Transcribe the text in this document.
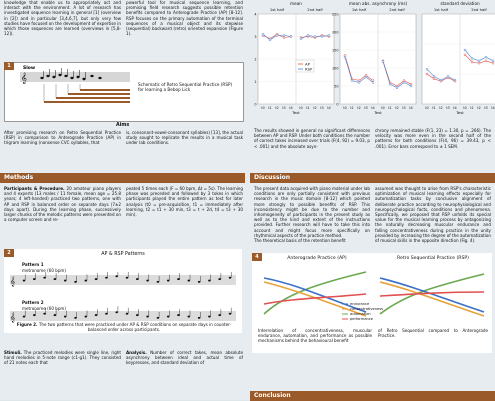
knowledge that enable us to appropriately act and interact with the environment. A lot of research has investigated sequence learning in general [1] (overview in [2]) and in particular [3,4,6,7], but only very few studies have focused on the development of expertise in which those sequences are learned (overviews in [5,8-12]).
powerful tool for musical sequence learning, and promising field research suggests possible retention benefits compared to Anterograde Practice (AP) [8-12]. RSP focuses on the primary automation of the terminal sequences of a musical object and its stepwise (sequential) backward (retro) oriented expansion (Figure 1).
1	Slow
𝄞
Schematic of Retro Sequential Practice (RSP) for learning a Bebop Lick
Aims
After promising research on Retro Sequential Practice (RSP) in comparison to Anterograde Practice (AP) in trigram learning (nonsense CVC syllables, that
is, consonant-vowel-consonant syllables) [13], the actual study sought to replicate the results in a musical task under lab conditions.
Methods
Participants & Procedure. 20 amateur piano players and 4 experts (13 males / 11 female, mean age = 25.8 years; 4 left-handed) practiced two patterns, one with AP and RSP in balanced order on separate days (7±2 days apart). During the learning phase, successively larger chunks of the melodic patterns were presented on a computer screen and re-
peated 5 times each (F = 60 bpm, Δt = 5s). The learning phase was preceded and followed by 3 tokes in which participants played the entire pattern as test for later analysis (t0 = pre-acquisition, t1 = immediately after learning, t2 = t1 + 30 min, t3 = t + 2d, t4 = t3 + 30 min).
2	AP & RSP Patterns
Pattern 1
metronome (60 bpm)
Pattern 2
metronome (60 bpm)
𝄞
𝄞
Figure 2. The two patterns that were practiced under AP & RSP conditions on separate days in counter-balanced order across participants.
Stimuli. The practiced melodies were single line, right hand melodies in 5-note range (c1-g1). They consisted of 21 notes each that
Analysis. Number of correct takes, mean absolute asynchrony between ideal and actual time of keypresses, and standard deviation of
mean
1st half	2nd half
0
1
2
3
4
t0 t1 t2 t3 t4 t0 t1 t2 t3 t4
Test
mean abs. asynchrony (ms)
1st half	2nd half
0
50
100
150
200
250
t0 t1 t2 t3 t4 t0 t1 t2 t3 t4
Test
standard deviation
1st half	2nd half
t0 t1 t2 t3 t4 t0 t1 t2 t3 t4
Test
AP
RSP
The results showed in general no significant differences between AP and RSP. Under both conditions the number of correct takes increased over trials (F(4, 92) = 9.03, p < .001) and the absolute asyn-
chrony remained stable (F(1, 23) = 1.30, p = .266). The velocity was more even in the second half of the patterns for both conditions (F(4, 96) = 39.43, p < .001). Error bars correspond to ± 1 SEM.
Discussion
The present data acquired with piano material under lab conditions are only partially consistent with previous research in the music domain [8-12] which pointed more strongly to possible benefits of RSP. This inconsistency might be due to the number and inhomogeneity of participants in the present study as well as to the kind and extent of the instructions provided. Further research will have to take this into account and might focus more specifically on rhythmical aspects of the practice method.
The theoretical basis of the retention benefit
assumed was thought to arise from RSP's characteristic optimization of musical learning effects especially for automatization tasks by conclusive alignment of deliberate practice according to neurophysiological and neuropsychological facts, conditions and phenomena. Specifically, we proposed that RSP unfolds its special value for the musical learning process by antagonizing the naturally decreasing muscular endurance and falling concentrativeness during practice in the unity provided by increasing the degree of the automatization of musical skills in the opposite direction (Fig. 4).
4	Anterograde Practice (AP)	Retro Sequential Practice (RSP)
endurance
concentrativeness
automation
performance
Interrelation of concentrativeness, muscular endurance, automation, and performance as possible mechanisms behind the behavioural benefit
of Retro Sequential compared to Anterograde Practice.
Conclusion
